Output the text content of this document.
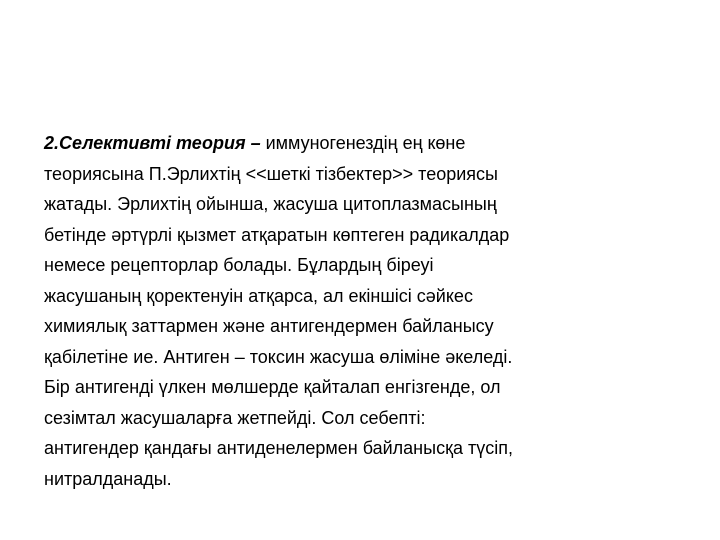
2.Селективті теория – иммуногенездің ең көне
теориясына П.Эрлихтің <<шеткі тізбектер>> теориясы
жатады. Эрлихтің ойынша, жасуша цитоплазмасының
бетінде әртүрлі қызмет атқаратын көптеген радикалдар
немесе рецепторлар болады. Бұлардың біреуі
жасушаның қоректенуін атқарса, ал екіншісі сәйкес
химиялық заттармен және антигендермен байланысу
қабілетіне ие. Антиген – токсин жасуша өліміне әкеледі.
Бір антигенді үлкен мөлшерде қайталап енгізгенде, ол
сезімтал жасушаларға жетпейді. Сол себепті:
антигендер қандағы антиденелермен байланысқа түсіп,
нитралданады.
